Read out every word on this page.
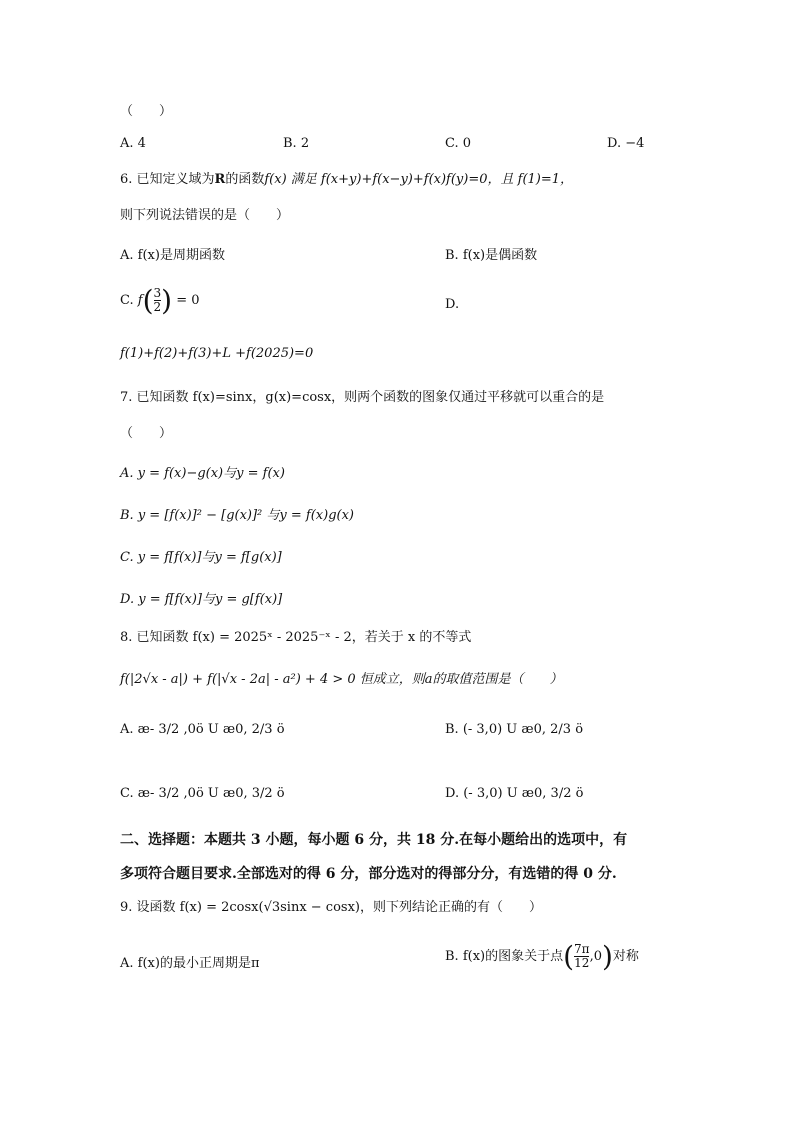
（　　）
A. 4	B. 2	C. 0	D. −4
6. 已知定义域为R的函数f(x) 满足 f(x+y)+f(x−y)+f(x)f(y)=0，且 f(1)=1，
则下列说法错误的是（　　）
A. f(x)是周期函数	B. f(x)是偶函数
C. $f( \frac{3}{2}$ ) = 0	D.
f(1)+f(2)+f(3)+L +f(2025)=0
7. 已知函数 f(x)=sinx，g(x)=cosx，则两个函数的图象仅通过平移就可以重合的是
（　　）
A. y = f(x)−g(x)与y = f(x)
B. y = [f(x)]² − [g(x)]² 与y = f(x)g(x)
C. y = f[f(x)]与y = f[g(x)]
D. y = f[f(x)]与y = g[f(x)]
8. 已知函数 f(x) = 2025ˣ - 2025⁻ˣ - 2，若关于 x 的不等式
f(|2√x - a|) + f(|√x - 2a| - a²) + 4 > 0 恒成立，则a的取值范围是（　　）
A. æ- 3/2 ,0ö U æ0, 2/3 ö	B. (- 3,0) U æ0, 2/3 ö
C. æ- 3/2 ,0ö U æ0, 3/2 ö	D. (- 3,0) U æ0, 3/2 ö
二、选择题：本题共 3 小题，每小题 6 分，共 18 分.在每小题给出的选项中，有
多项符合题目要求.全部选对的得 6 分，部分选对的得部分分，有选错的得 0 分.
9. 设函数 f(x) = 2cosx(√3sinx − cosx)，则下列结论正确的有（　　）
A. f(x)的最小正周期是π	B. f(x)的图象关于点( $\frac{7\pi}{12} ,0$)对称
